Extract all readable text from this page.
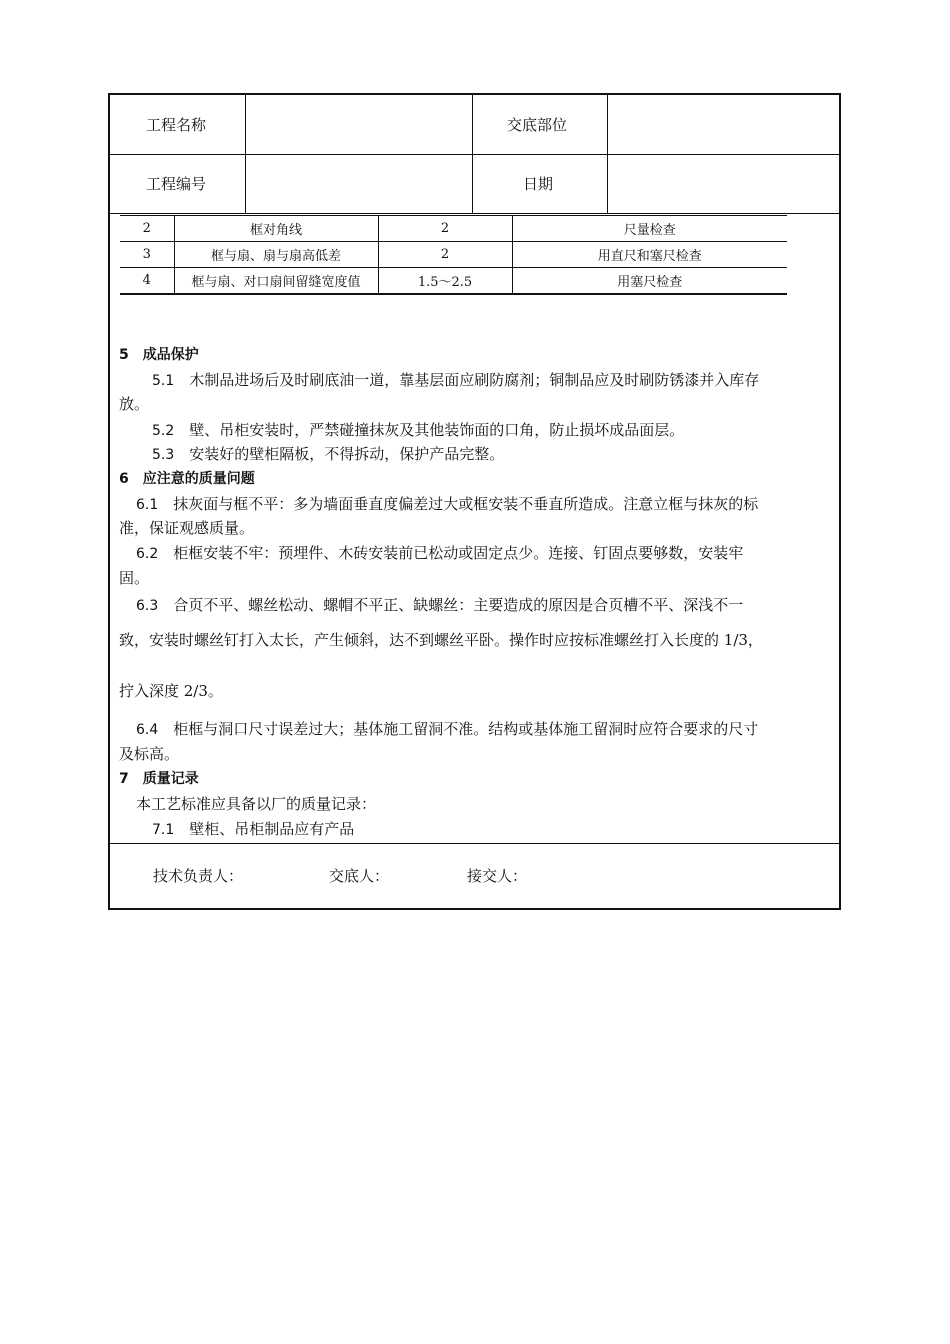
工程名称	交底部位
工程编号	日期
2	框对角线	2	尺量检查
3	框与扇、扇与扇高低差	2	用直尺和塞尺检查
4	框与扇、对口扇间留缝宽度值	1.5～2.5	用塞尺检查
5　成品保护
5.1　 木制品进场后及时刷底油一道，靠基层面应刷防腐剂；铜制品应及时刷防锈漆并入库存
放。
5.2　 壁、吊柜安装时，严禁碰撞抹灰及其他装饰面的口角，防止损坏成品面层。
5.3　 安装好的壁柜隔板，不得拆动，保护产品完整。
6　应注意的质量问题
6.1　 抹灰面与框不平：多为墙面垂直度偏差过大或框安装不垂直所造成。注意立框与抹灰的标
准，保证观感质量。
6.2　 柜框安装不牢：预埋件、木砖安装前已松动或固定点少。连接、钉固点要够数，安装牢
固。
6.3　 合页不平、螺丝松动、螺帽不平正、缺螺丝：主要造成的原因是合页槽不平、深浅不一
致，安装时螺丝钉打入太长，产生倾斜，达不到螺丝平卧。操作时应按标准螺丝打入长度的 1/3，
拧入深度 2/3。
6.4　 柜框与洞口尺寸误差过大；基体施工留洞不准。结构或基体施工留洞时应符合要求的尺寸
及标高。
7　质量记录
本工艺标准应具备以厂的质量记录：
7.1　 壁柜、吊柜制品应有产品
技术负责人：	交底人：	接交人：
